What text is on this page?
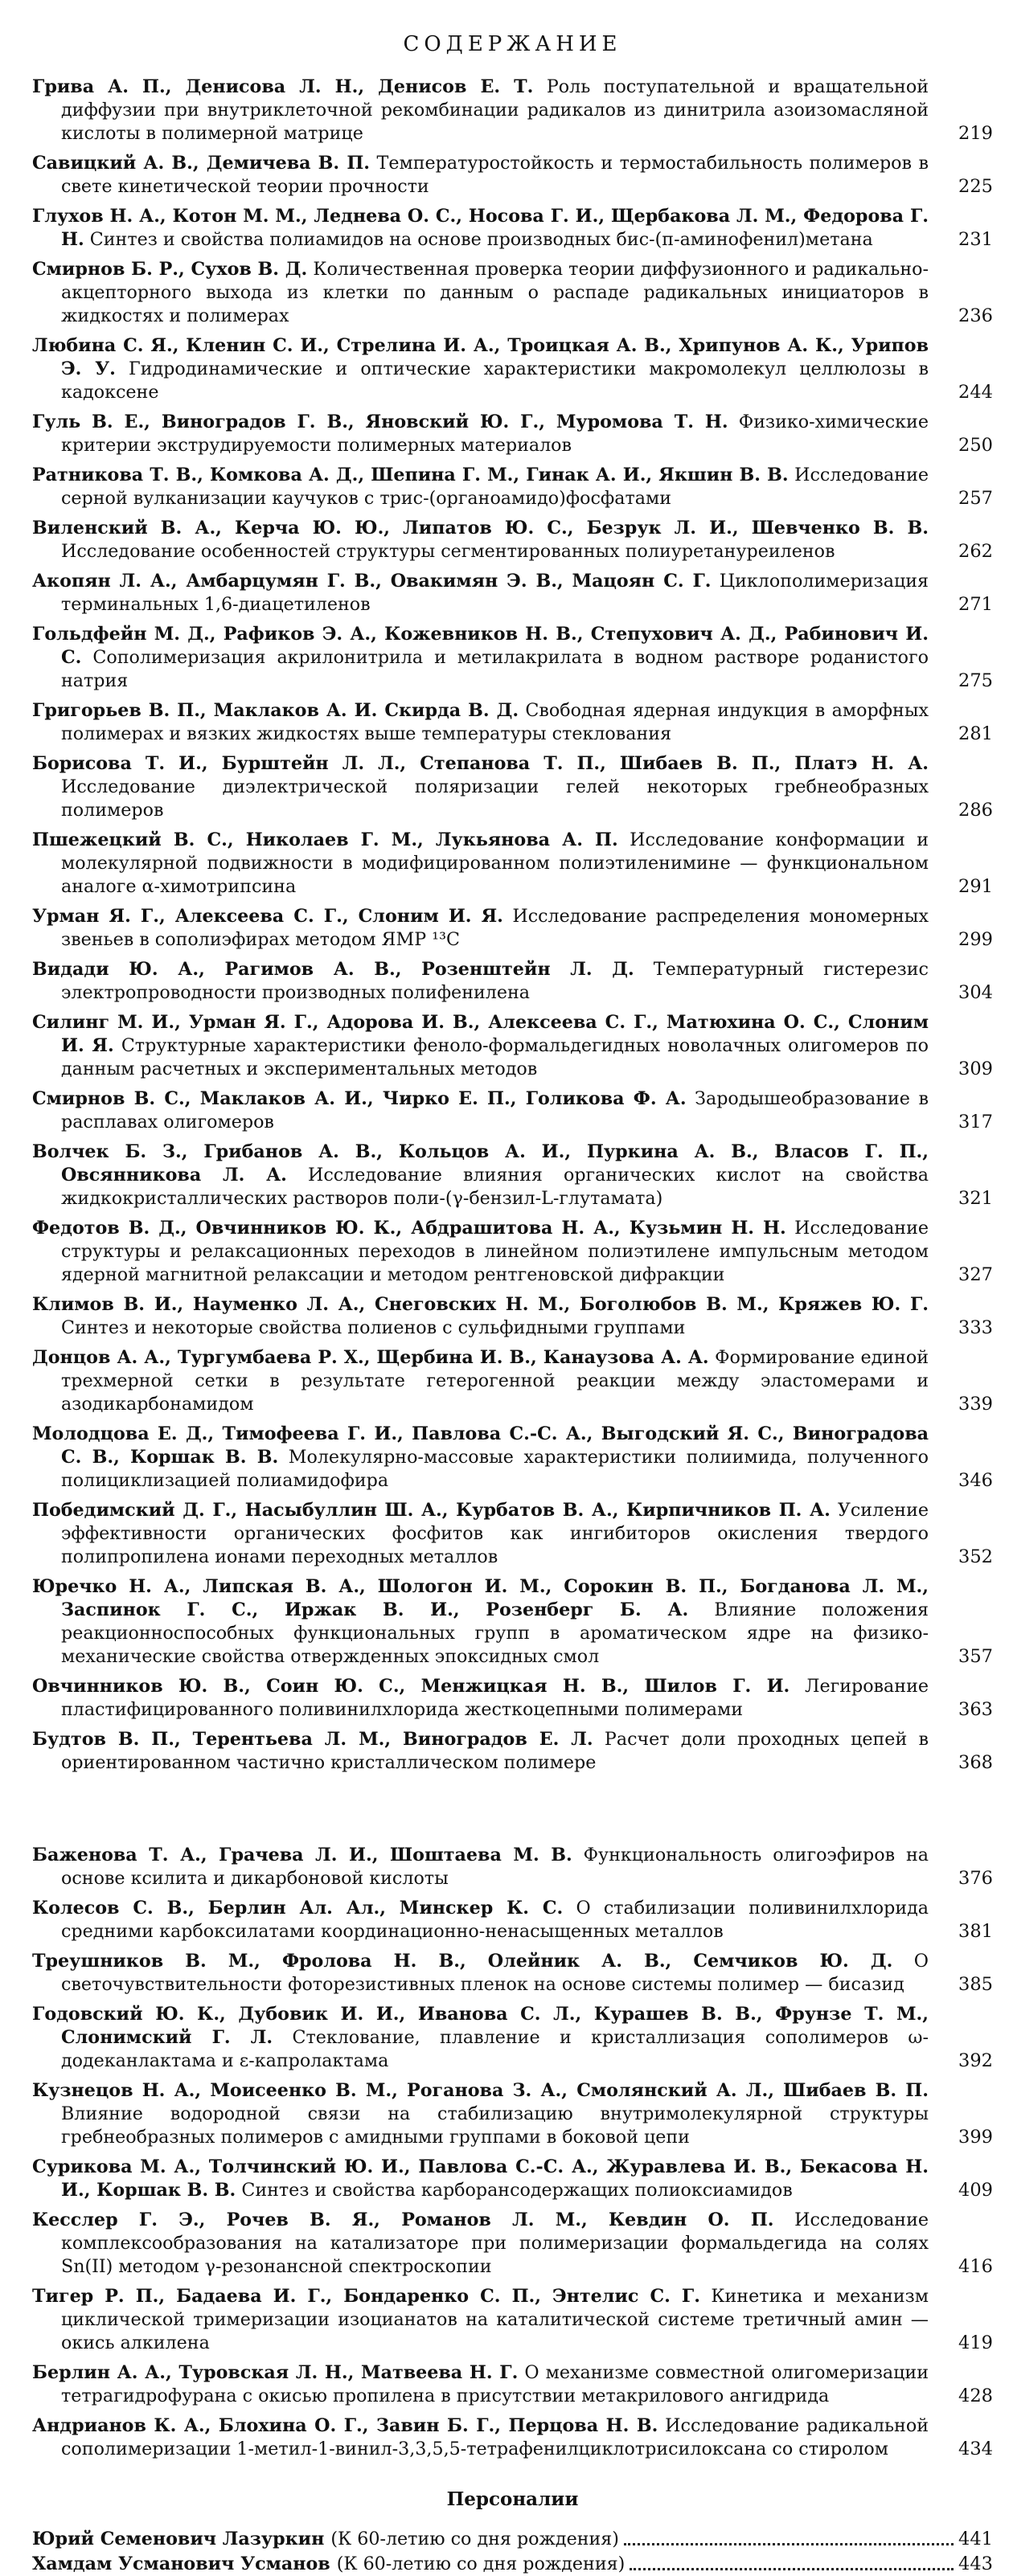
СОДЕРЖАНИЕ
Грива А. П., Денисова Л. Н., Денисов Е. Т. Роль поступательной и вращательной диффузии при внутриклеточной рекомбинации радикалов из динитрила азоизомасляной кислоты в полимерной матрице	219
Савицкий А. В., Демичева В. П. Температуростойкость и термостабильность полимеров в свете кинетической теории прочности	225
Глухов Н. А., Котон М. М., Леднева О. С., Носова Г. И., Щербакова Л. М., Федорова Г. Н. Синтез и свойства полиамидов на основе производных бис-(п-аминофенил)метана	231
Смирнов Б. Р., Сухов В. Д. Количественная проверка теории диффузионного и радикально-акцепторного выхода из клетки по данным о распаде радикальных инициаторов в жидкостях и полимерах	236
Любина С. Я., Кленин С. И., Стрелина И. А., Троицкая А. В., Хрипунов А. К., Урипов Э. У. Гидродинамические и оптические характеристики макромолекул целлюлозы в кадоксене	244
Гуль В. Е., Виноградов Г. В., Яновский Ю. Г., Муромова Т. Н. Физико-химические критерии экструдируемости полимерных материалов	250
Ратникова Т. В., Комкова А. Д., Шепина Г. М., Гинак А. И., Якшин В. В. Исследование серной вулканизации каучуков с трис-(органоамидо)фосфатами	257
Виленский В. А., Керча Ю. Ю., Липатов Ю. С., Безрук Л. И., Шевченко В. В. Исследование особенностей структуры сегментированных полиуретануреиленов	262
Акопян Л. А., Амбарцумян Г. В., Овакимян Э. В., Мацоян С. Г. Циклополимеризация терминальных 1,6-диацетиленов	271
Гольдфейн М. Д., Рафиков Э. А., Кожевников Н. В., Степухович А. Д., Рабинович И. С. Сополимеризация акрилонитрила и метилакрилата в водном растворе роданистого натрия	275
Григорьев В. П., Маклаков А. И. Скирда В. Д. Свободная ядерная индукция в аморфных полимерах и вязких жидкостях выше температуры стеклования	281
Борисова Т. И., Бурштейн Л. Л., Степанова Т. П., Шибаев В. П., Платэ Н. А. Исследование диэлектрической поляризации гелей некоторых гребнеобразных полимеров	286
Пшежецкий В. С., Николаев Г. М., Лукьянова А. П. Исследование конформации и молекулярной подвижности в модифицированном полиэтиленимине — функциональном аналоге α-химотрипсина	291
Урман Я. Г., Алексеева С. Г., Слоним И. Я. Исследование распределения мономерных звеньев в сополиэфирах методом ЯМР ¹³C	299
Видади Ю. А., Рагимов А. В., Розенштейн Л. Д. Температурный гистерезис электропроводности производных полифенилена	304
Силинг М. И., Урман Я. Г., Адорова И. В., Алексеева С. Г., Матюхина О. С., Слоним И. Я. Структурные характеристики феноло-формальдегидных новолачных олигомеров по данным расчетных и экспериментальных методов	309
Смирнов В. С., Маклаков А. И., Чирко Е. П., Голикова Ф. А. Зародышеобразование в расплавах олигомеров	317
Волчек Б. З., Грибанов А. В., Кольцов А. И., Пуркина А. В., Власов Г. П., Овсянникова Л. А. Исследование влияния органических кислот на свойства жидкокристаллических растворов поли-(γ-бензил-L-глутамата)	321
Федотов В. Д., Овчинников Ю. К., Абдрашитова Н. А., Кузьмин Н. Н. Исследование структуры и релаксационных переходов в линейном полиэтилене импульсным методом ядерной магнитной релаксации и методом рентгеновской дифракции	327
Климов В. И., Науменко Л. А., Снеговских Н. М., Боголюбов В. М., Кряжев Ю. Г. Синтез и некоторые свойства полиенов с сульфидными группами	333
Донцов А. А., Тургумбаева Р. Х., Щербина И. В., Канаузова А. А. Формирование единой трехмерной сетки в результате гетерогенной реакции между эластомерами и азодикарбонамидом	339
Молодцова Е. Д., Тимофеева Г. И., Павлова С.-С. А., Выгодский Я. С., Виноградова С. В., Коршак В. В. Молекулярно-массовые характеристики полиимида, полученного полициклизацией полиамидофира	346
Победимский Д. Г., Насыбуллин Ш. А., Курбатов В. А., Кирпичников П. А. Усиление эффективности органических фосфитов как ингибиторов окисления твердого полипропилена ионами переходных металлов	352
Юречко Н. А., Липская В. А., Шологон И. М., Сорокин В. П., Богданова Л. М., Заспинок Г. С., Иржак В. И., Розенберг Б. А. Влияние положения реакционноспособных функциональных групп в ароматическом ядре на физико-механические свойства отвержденных эпоксидных смол	357
Овчинников Ю. В., Соин Ю. С., Менжицкая Н. В., Шилов Г. И. Легирование пластифицированного поливинилхлорида жесткоцепными полимерами	363
Будтов В. П., Терентьева Л. М., Виноградов Е. Л. Расчет доли проходных цепей в ориентированном частично кристаллическом полимере	368
Баженова Т. А., Грачева Л. И., Шоштаева М. В. Функциональность олигоэфиров на основе ксилита и дикарбоновой кислоты	376
Колесов С. В., Берлин Ал. Ал., Минскер К. С. О стабилизации поливинилхлорида средними карбоксилатами координационно-ненасыщенных металлов	381
Треушников В. М., Фролова Н. В., Олейник А. В., Семчиков Ю. Д. О светочувствительности фоторезистивных пленок на основе системы полимер — бисазид	385
Годовский Ю. К., Дубовик И. И., Иванова С. Л., Курашев В. В., Фрунзе Т. М., Слонимский Г. Л. Стеклование, плавление и кристаллизация сополимеров ω-додеканлактама и ε-капролактама	392
Кузнецов Н. А., Моисеенко В. М., Роганова З. А., Смолянский А. Л., Шибаев В. П. Влияние водородной связи на стабилизацию внутримолекулярной структуры гребнеобразных полимеров с амидными группами в боковой цепи	399
Сурикова М. А., Толчинский Ю. И., Павлова С.-С. А., Журавлева И. В., Бекасова Н. И., Коршак В. В. Синтез и свойства карборансодержащих полиоксиамидов	409
Кесслер Г. Э., Рочев В. Я., Романов Л. М., Кевдин О. П. Исследование комплексообразования на катализаторе при полимеризации формальдегида на солях Sn(II) методом γ-резонансной спектроскопии	416
Тигер Р. П., Бадаева И. Г., Бондаренко С. П., Энтелис С. Г. Кинетика и механизм циклической тримеризации изоцианатов на каталитической системе третичный амин — окись алкилена	419
Берлин А. А., Туровская Л. Н., Матвеева Н. Г. О механизме совместной олигомеризации тетрагидрофурана с окисью пропилена в присутствии метакрилового ангидрида	428
Андрианов К. А., Блохина О. Г., Завин Б. Г., Перцова Н. В. Исследование радикальной сополимеризации 1-метил-1-винил-3,3,5,5-тетрафенилциклотрисилоксана со стиролом	434
Персоналии
Юрий Семенович Лазуркин (К 60-летию со дня рождения)	441
Хамдам Усманович Усманов (К 60-летию со дня рождения)	443
